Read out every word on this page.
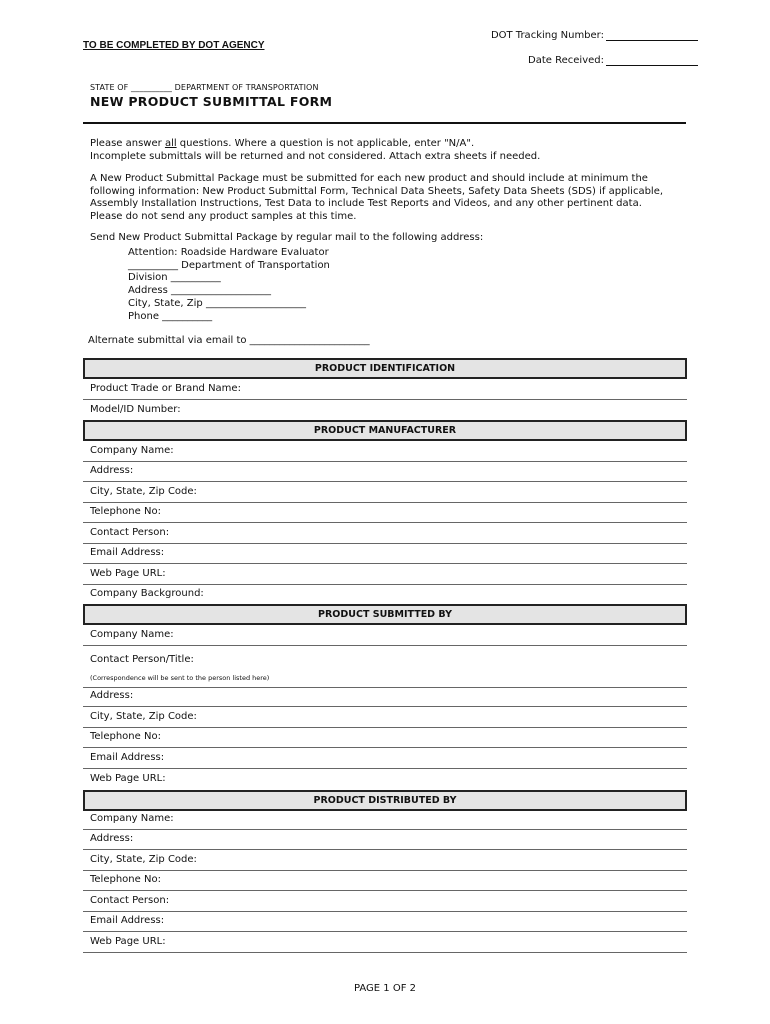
TO BE COMPLETED BY DOT AGENCY
DOT Tracking Number:
Date Received:
STATE OF __________ DEPARTMENT OF TRANSPORTATION
NEW PRODUCT SUBMITTAL FORM
Please answer all questions. Where a question is not applicable, enter "N/A".
Incomplete submittals will be returned and not considered. Attach extra sheets if needed.
A New Product Submittal Package must be submitted for each new product and should include at minimum the following information: New Product Submittal Form, Technical Data Sheets, Safety Data Sheets (SDS) if applicable, Assembly Installation Instructions, Test Data to include Test Reports and Videos, and any other pertinent data.
Please do not send any product samples at this time.
Send New Product Submittal Package by regular mail to the following address:
Attention: Roadside Hardware Evaluator
__________ Department of Transportation
Division __________
Address ____________________
City, State, Zip ____________________
Phone __________
Alternate submittal via email to ________________________
PRODUCT IDENTIFICATION
Product Trade or Brand Name:
Model/ID Number:
PRODUCT MANUFACTURER
Company Name:
Address:
City, State, Zip Code:
Telephone No:
Contact Person:
Email Address:
Web Page URL:
Company Background:
PRODUCT SUBMITTED BY
Company Name:
Contact Person/Title:
(Correspondence will be sent to the person listed here)
Address:
City, State, Zip Code:
Telephone No:
Email Address:
Web Page URL:
PRODUCT DISTRIBUTED BY
Company Name:
Address:
City, State, Zip Code:
Telephone No:
Contact Person:
Email Address:
Web Page URL:
PAGE 1 OF 2
